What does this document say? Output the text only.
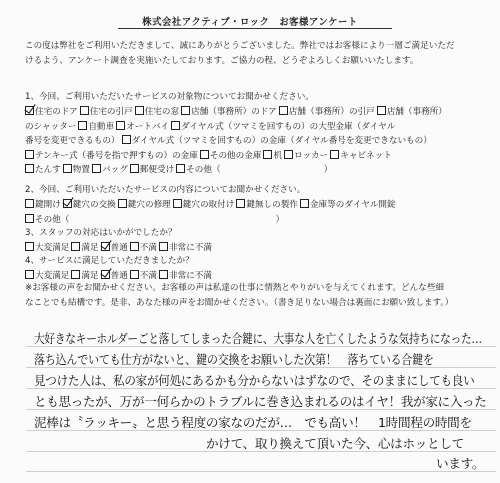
株式会社アクティブ・ロック　お客様アンケート
この度は弊社をご利用いただきまして、誠にありがとうございました。弊社ではお客様により一層ご満足いただ
けるよう、アンケート調査を実施いたしております。ご協力の程、どうぞよろしくお願いいたします。
1、今回、ご利用いただいたサービスの対象物についてお聞かせください。
住宅のドア 住宅の引戸 住宅の窓 店舗（事務所）のドア 店舗（事務所）の引戸 店舗（事務所）
のシャッター 自動車 オートバイ ダイヤル式（ツマミを回すもの）の大型金庫（ダイヤル
番号を変更できるもの） ダイヤル式（ツマミを回すもの）の金庫（ダイヤル番号を変更できないもの）
テンキー式（番号を指で押すもの）の金庫 その他の金庫 机 ロッカー キャビネット
たんす 物置 バッグ 郵便受け その他（　　　　　　　　　　　　）
2、今回、ご利用いただいたサービスの内容についてお聞かせください。
鍵開け 鍵穴の交換 鍵穴の修理 鍵穴の取付け 鍵無しの製作 金庫等のダイヤル開錠
その他（　　　　　　　　　　　　　　　　　　　　　　　　）
3、スタッフの対応はいかがでしたか？
大変満足 満足 普通 不満 非常に不満
4、サービスに満足していただきましたか？
大変満足 満足 普通 不満 非常に不満
※お客様の声をお聞かせください。お客様の声は私達の仕事に情熱とやりがいを与えてくれます。どんな些細
なことでも結構です。是非、あなた様の声をお聞かせください。（書き足りない場合は裏面にお願い致します。）
大好きなキーホルダーごと落してしまった合鍵に、大事な人を亡くしたような気持ちになった…
落ち込んでいても仕方がないと、鍵の交換をお願いした次第！　落ちている合鍵を
見つけた人は、私の家が何処にあるかも分からないはずなので、そのままにしても良い
とも思ったが、万が一何らかのトラブルに巻き込まれるのはイヤ！我が家に入った
泥棒は〝ラッキー〟と思う程度の家なのだが…　でも高い！　1時間程の時間を
かけて、取り換えて頂いた今、心はホッとして
います。
